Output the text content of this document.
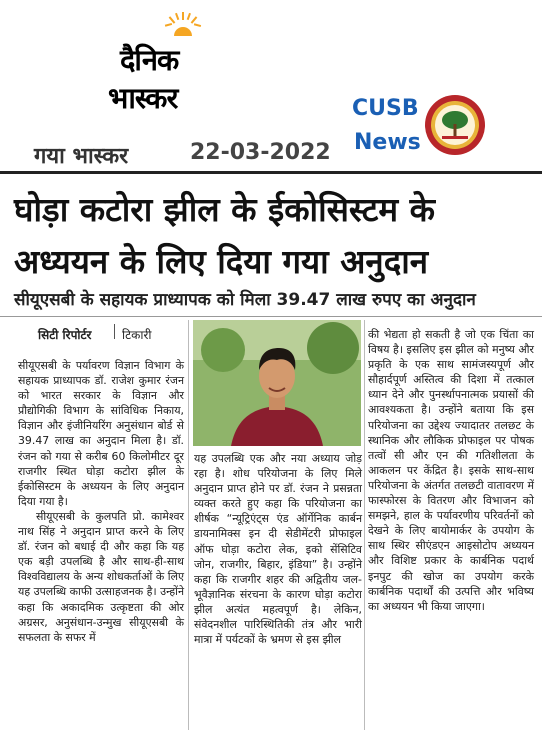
दैनिक
भास्कर
गया भास्कर	22-03-2022
CUSB
News
घोड़ा कटोरा झील के ईकोसिस्टम के
अध्ययन के लिए दिया गया अनुदान
सीयूएसबी के सहायक प्राध्यापक को मिला 39.47 लाख रुपए का अनुदान
सिटी रिपोर्टर	टिकारी

सीयूएसबी के पर्यावरण विज्ञान विभाग के सहायक प्राध्यापक डॉ. राजेश कुमार रंजन को भारत सरकार के विज्ञान और प्रौद्योगिकी विभाग के सांविधिक निकाय, विज्ञान और इंजीनियरिंग अनुसंधान बोर्ड से 39.47 लाख का अनुदान मिला है। डॉ. रंजन को गया से करीब 60 किलोमीटर दूर राजगीर स्थित घोड़ा कटोरा झील के ईकोसिस्टम के अध्ययन के लिए अनुदान दिया गया है।

सीयूएसबी के कुलपति प्रो. कामेश्वर नाथ सिंह ने अनुदान प्राप्त करने के लिए डॉ. रंजन को बधाई दी और कहा कि यह एक बड़ी उपलब्धि है और साथ-ही-साथ विश्वविद्यालय के अन्य शोधकर्ताओं के लिए यह उपलब्धि काफी उत्साहजनक है। उन्होंने कहा कि अकादमिक उत्कृष्टता की ओर अग्रसर, अनुसंधान-उन्मुख सीयूएसबी के सफलता के सफर में

यह उपलब्धि एक और नया अध्याय जोड़ रहा है। शोध परियोजना के लिए मिले अनुदान प्राप्त होने पर डॉ. रंजन ने प्रसन्नता व्यक्त करते हुए कहा कि परियोजना का शीर्षक “न्यूट्रिएंट्स एंड ऑर्गेनिक कार्बन डायनामिक्स इन दी सेडीमेंटरी प्रोफाइल ऑफ घोड़ा कटोरा लेक, इको सेंसिटिव जोन, राजगीर, बिहार, इंडिया” है। उन्होंने कहा कि राजगीर शहर की अद्वितीय जल-भूवैज्ञानिक संरचना के कारण घोड़ा कटोरा झील अत्यंत महत्वपूर्ण है। लेकिन, संवेदनशील पारिस्थितिकी तंत्र और भारी मात्रा में पर्यटकों के भ्रमण से इस झील

की भेद्यता हो सकती है जो एक चिंता का विषय है। इसलिए इस झील को मनुष्य और प्रकृति के एक साथ सामंजस्यपूर्ण और सौहार्दपूर्ण अस्तित्व की दिशा में तत्काल ध्यान देने और पुनर्स्थापनात्मक प्रयासों की आवश्यकता है। उन्होंने बताया कि इस परियोजना का उद्देश्य ज्यादातर तलछट के स्थानिक और लौकिक प्रोफाइल पर पोषक तत्वों सी और एन की गतिशीलता के आकलन पर केंद्रित है। इसके साथ-साथ परियोजना के अंतर्गत तलछटी वातावरण में फास्फोरस के वितरण और विभाजन को समझने, हाल के पर्यावरणीय परिवर्तनों को देखने के लिए बायोमार्कर के उपयोग के साथ स्थिर सीएंडएन आइसोटोप अध्ययन और विशिष्ट प्रकार के कार्बनिक पदार्थ इनपुट की खोज का उपयोग करके कार्बनिक पदार्थों की उत्पत्ति और भविष्य का अध्ययन भी किया जाएगा।
